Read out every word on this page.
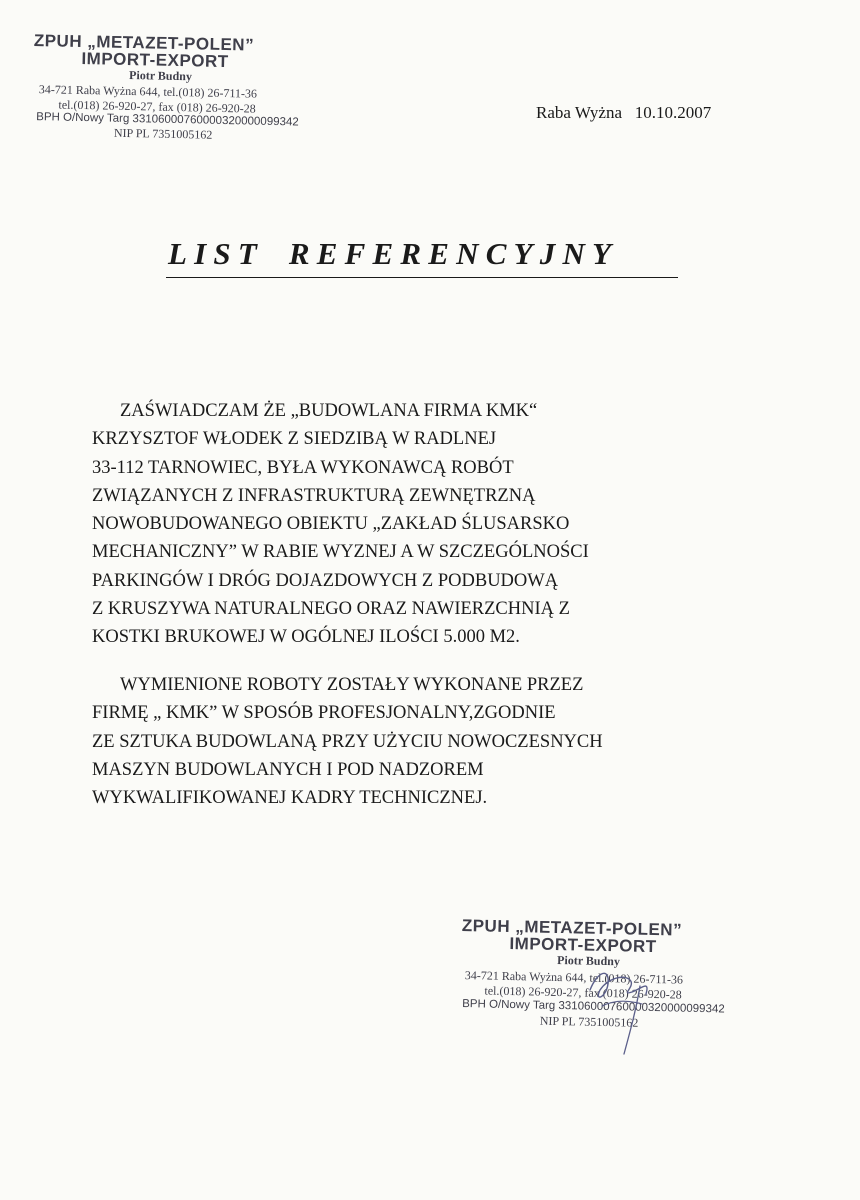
ZPUH „METAZET-POLEN”
IMPORT-EXPORT
Piotr Budny
34-721 Raba Wyżna 644, tel.(018) 26-711-36
tel.(018) 26-920-27, fax (018) 26-920-28
BPH O/Nowy Targ 33106000760000320000099342
NIP PL 7351005162
Raba Wyżna   10.10.2007
LIST REFERENCYJNY
ZAŚWIADCZAM ŻE „BUDOWLANA FIRMA KMK“
KRZYSZTOF WŁODEK Z SIEDZIBĄ W RADLNEJ
33-112 TARNOWIEC, BYŁA WYKONAWCĄ ROBÓT
ZWIĄZANYCH Z INFRASTRUKTURĄ ZEWNĘTRZNĄ
NOWOBUDOWANEGO OBIEKTU „ZAKŁAD ŚLUSARSKO
MECHANICZNY” W RABIE WYZNEJ A W SZCZEGÓLNOŚCI
PARKINGÓW I DRÓG DOJAZDOWYCH Z PODBUDOWĄ
Z KRUSZYWA NATURALNEGO ORAZ NAWIERZCHNIĄ Z
KOSTKI BRUKOWEJ W OGÓLNEJ ILOŚCI 5.000 M2.
WYMIENIONE ROBOTY ZOSTAŁY WYKONANE PRZEZ
FIRMĘ „ KMK” W SPOSÓB PROFESJONALNY,ZGODNIE
ZE SZTUKA BUDOWLANĄ PRZY UŻYCIU NOWOCZESNYCH
MASZYN BUDOWLANYCH I POD NADZOREM
WYKWALIFIKOWANEJ KADRY TECHNICZNEJ.
ZPUH „METAZET-POLEN”
IMPORT-EXPORT
Piotr Budny
34-721 Raba Wyżna 644, tel.(018) 26-711-36
tel.(018) 26-920-27, fax (018) 26-920-28
BPH O/Nowy Targ 33106000760000320000099342
NIP PL 7351005162
